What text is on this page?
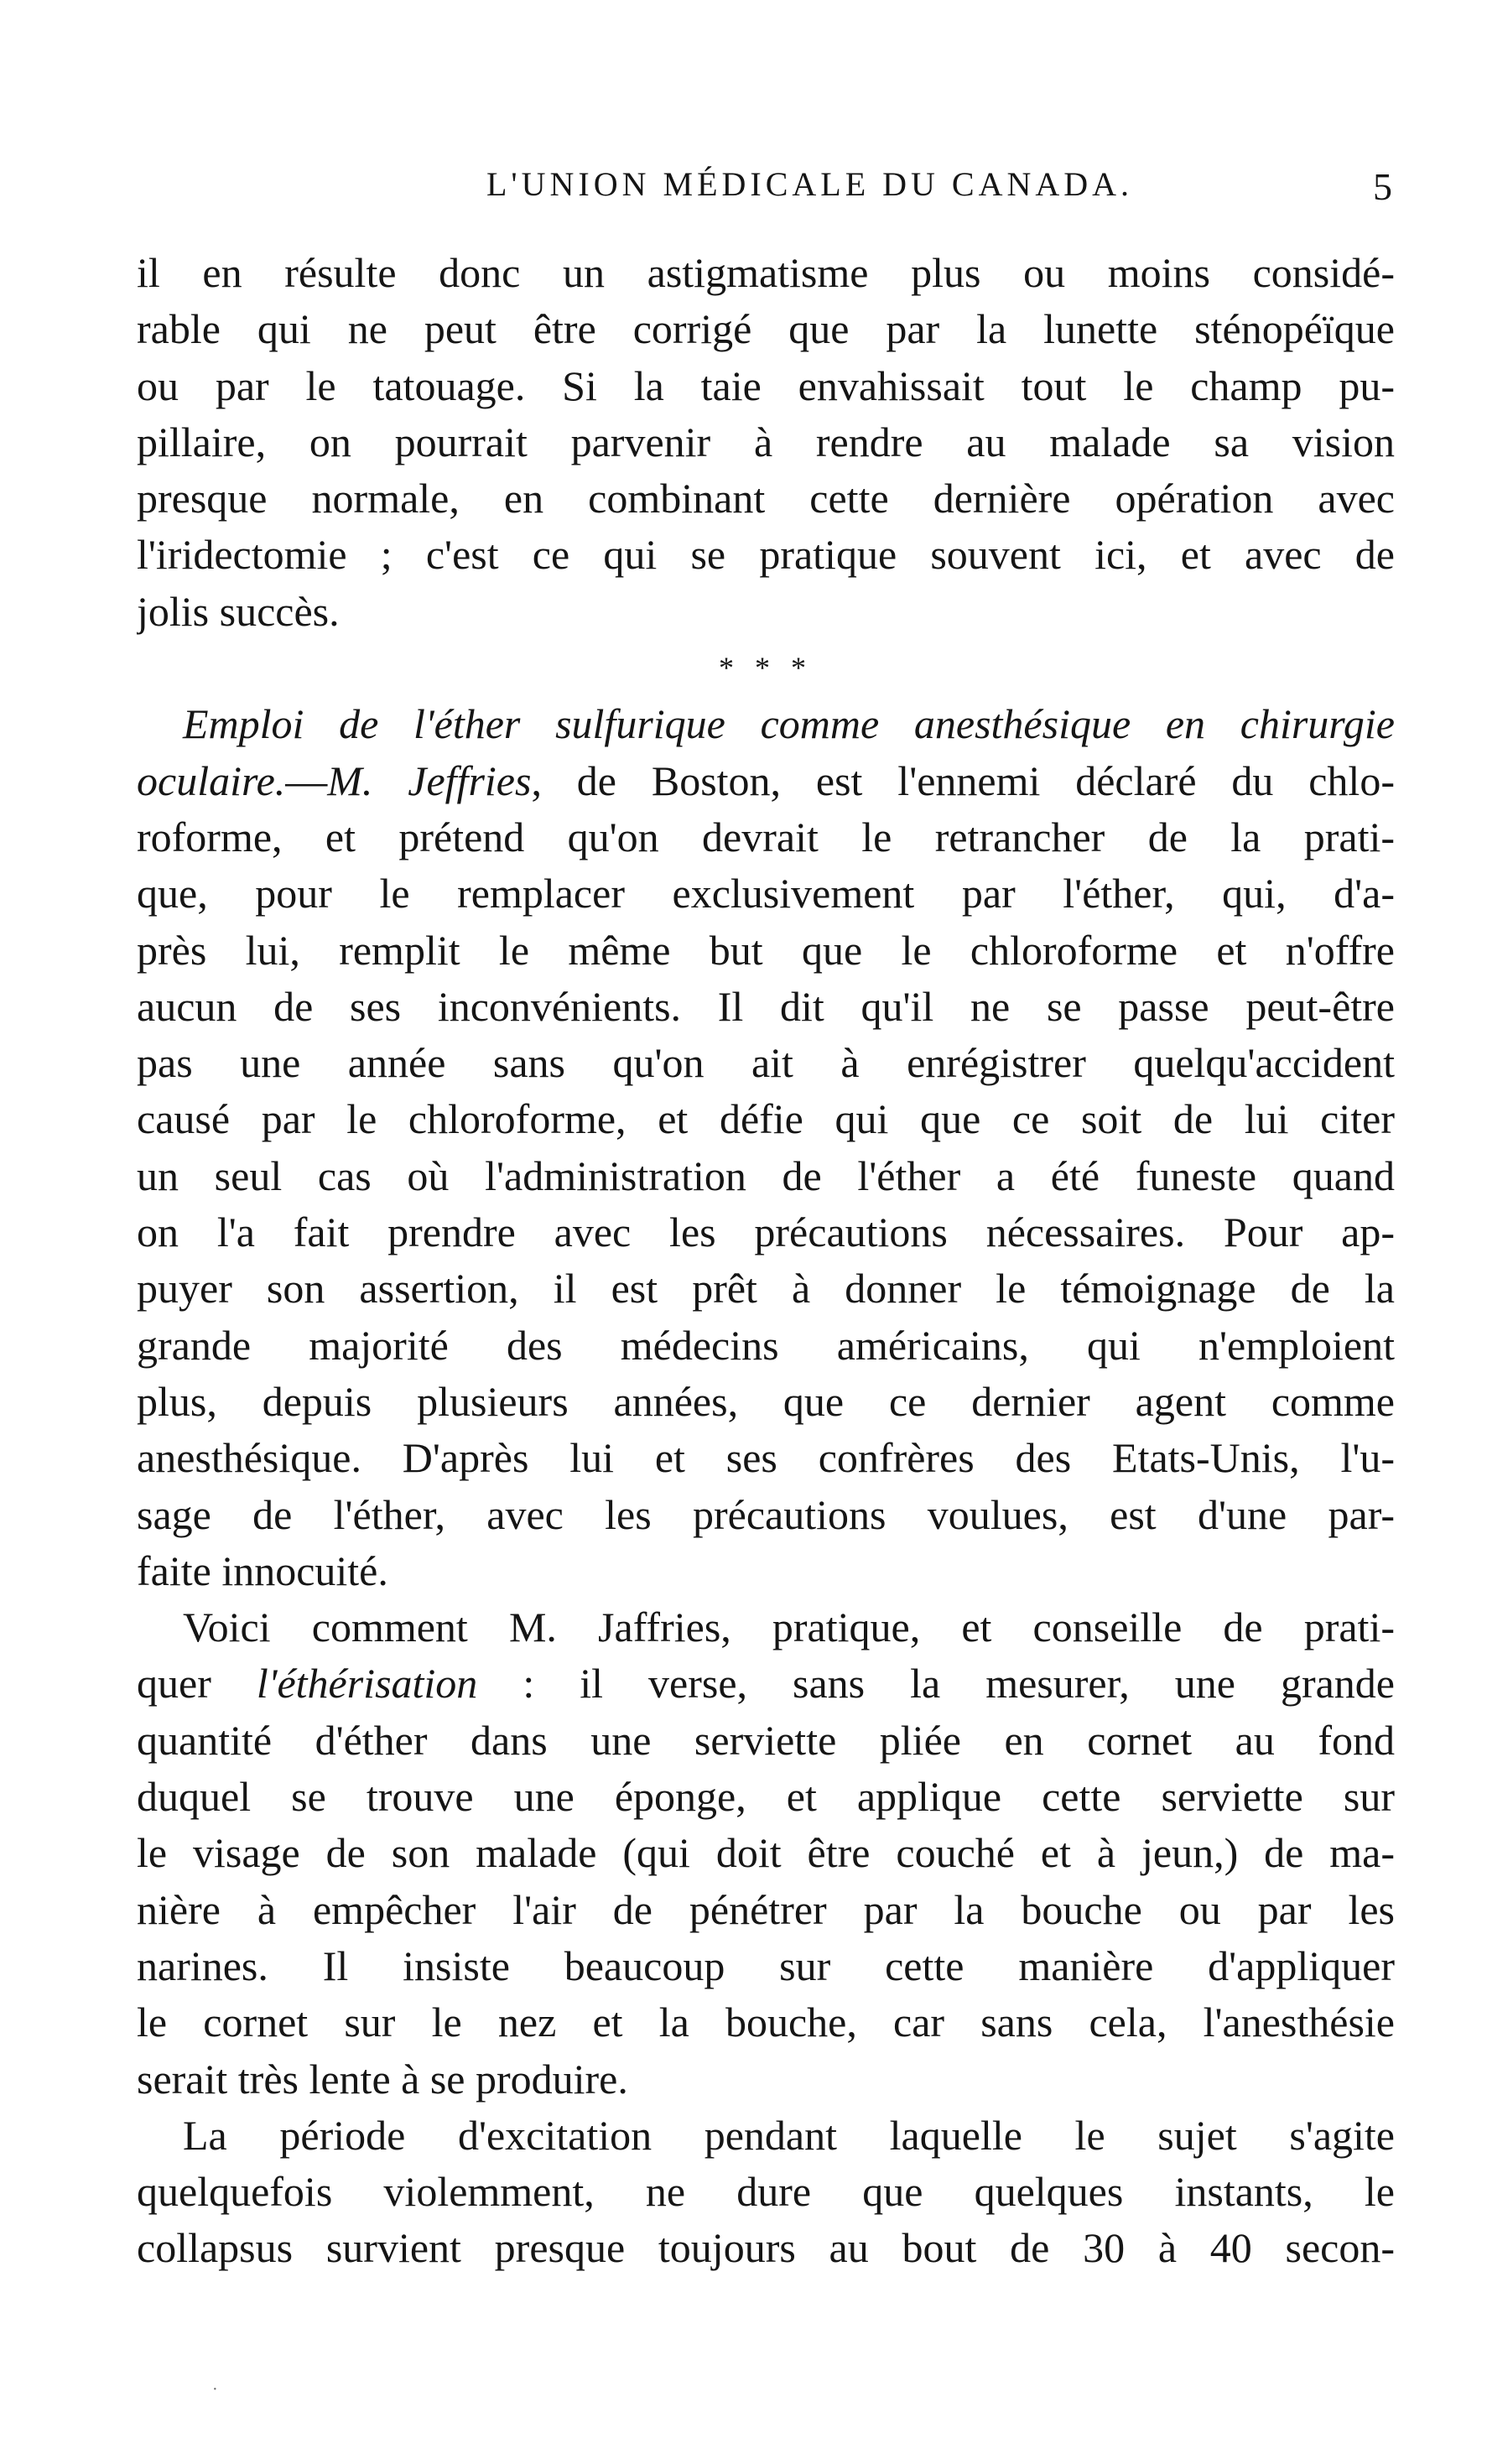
L'UNION MÉDICALE DU CANADA.	5
il en résulte donc un astigmatisme plus ou moins considé-
rable qui ne peut être corrigé que par la lunette sténopéïque
ou par le tatouage. Si la taie envahissait tout le champ pu-
pillaire, on pourrait parvenir à rendre au malade sa vision
presque normale, en combinant cette dernière opération avec
l'iridectomie ; c'est ce qui se pratique souvent ici, et avec de
jolis succès.
* * *
Emploi de l'éther sulfurique comme anesthésique en chirurgie
oculaire.—M. Jeffries, de Boston, est l'ennemi déclaré du chlo-
roforme, et prétend qu'on devrait le retrancher de la prati-
que, pour le remplacer exclusivement par l'éther, qui, d'a-
près lui, remplit le même but que le chloroforme et n'offre
aucun de ses inconvénients. Il dit qu'il ne se passe peut-être
pas une année sans qu'on ait à enrégistrer quelqu'accident
causé par le chloroforme, et défie qui que ce soit de lui citer
un seul cas où l'administration de l'éther a été funeste quand
on l'a fait prendre avec les précautions nécessaires. Pour ap-
puyer son assertion, il est prêt à donner le témoignage de la
grande majorité des médecins américains, qui n'emploient
plus, depuis plusieurs années, que ce dernier agent comme
anesthésique. D'après lui et ses confrères des Etats-Unis, l'u-
sage de l'éther, avec les précautions voulues, est d'une par-
faite innocuité.
Voici comment M. Jaffries, pratique, et conseille de prati-
quer l'éthérisation : il verse, sans la mesurer, une grande
quantité d'éther dans une serviette pliée en cornet au fond
duquel se trouve une éponge, et applique cette serviette sur
le visage de son malade (qui doit être couché et à jeun,) de ma-
nière à empêcher l'air de pénétrer par la bouche ou par les
narines. Il insiste beaucoup sur cette manière d'appliquer
le cornet sur le nez et la bouche, car sans cela, l'anesthésie
serait très lente à se produire.
La période d'excitation pendant laquelle le sujet s'agite
quelquefois violemment, ne dure que quelques instants, le
collapsus survient presque toujours au bout de 30 à 40 secon-
·
